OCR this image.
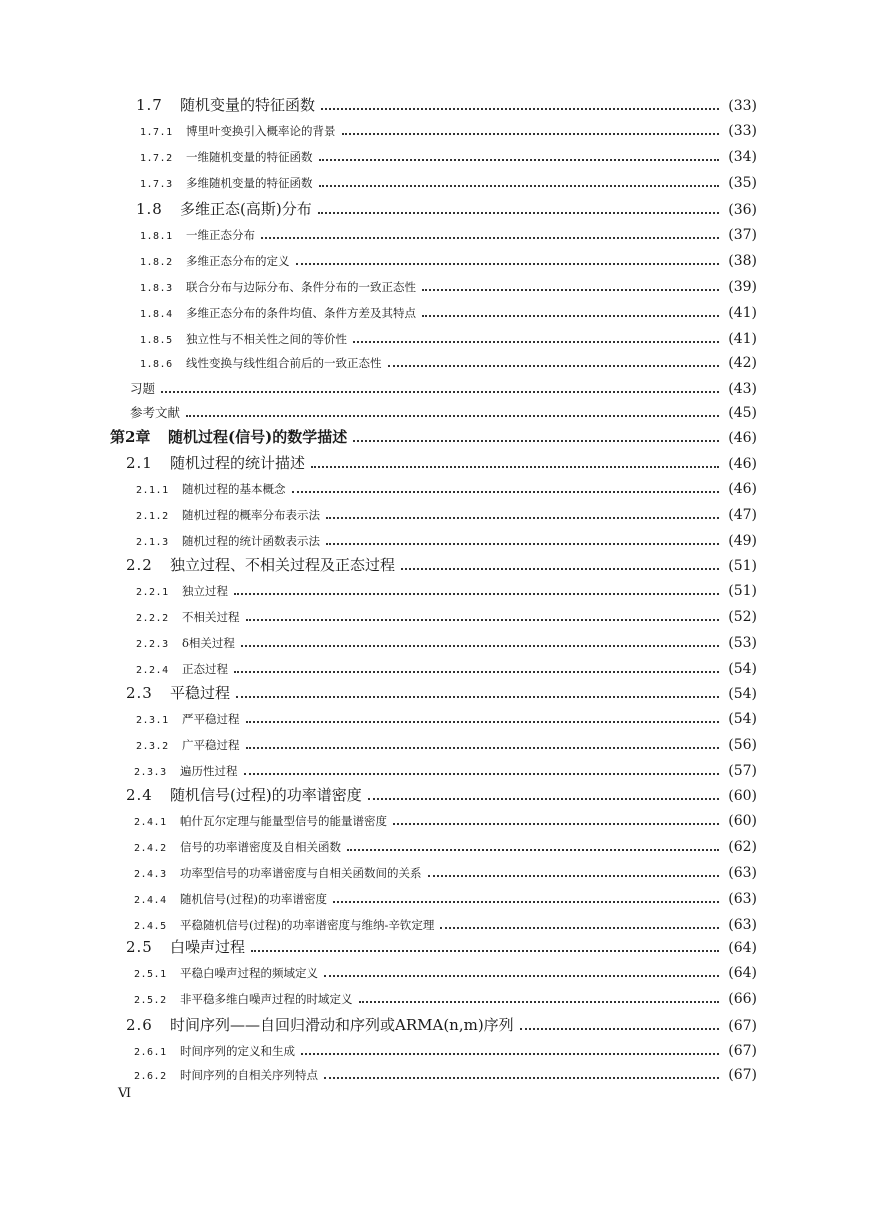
1.7	随机变量的特征函数	(33)
1.7.1	博里叶变换引入概率论的背景	(33)
1.7.2	一维随机变量的特征函数	(34)
1.7.3	多维随机变量的特征函数	(35)
1.8	多维正态(高斯)分布	(36)
1.8.1	一维正态分布	(37)
1.8.2	多维正态分布的定义	(38)
1.8.3	联合分布与边际分布、条件分布的一致正态性	(39)
1.8.4	多维正态分布的条件均值、条件方差及其特点	(41)
1.8.5	独立性与不相关性之间的等价性	(41)
1.8.6	线性变换与线性组合前后的一致正态性	(42)
习题	(43)
参考文献	(45)
第2章	随机过程(信号)的数学描述	(46)
2.1	随机过程的统计描述	(46)
2.1.1	随机过程的基本概念	(46)
2.1.2	随机过程的概率分布表示法	(47)
2.1.3	随机过程的统计函数表示法	(49)
2.2	独立过程、不相关过程及正态过程	(51)
2.2.1	独立过程	(51)
2.2.2	不相关过程	(52)
2.2.3	δ相关过程	(53)
2.2.4	正态过程	(54)
2.3	平稳过程	(54)
2.3.1	严平稳过程	(54)
2.3.2	广平稳过程	(56)
2.3.3	遍历性过程	(57)
2.4	随机信号(过程)的功率谱密度	(60)
2.4.1	帕什瓦尔定理与能量型信号的能量谱密度	(60)
2.4.2	信号的功率谱密度及自相关函数	(62)
2.4.3	功率型信号的功率谱密度与自相关函数间的关系	(63)
2.4.4	随机信号(过程)的功率谱密度	(63)
2.4.5	平稳随机信号(过程)的功率谱密度与维纳-辛钦定理	(63)
2.5	白噪声过程	(64)
2.5.1	平稳白噪声过程的频域定义	(64)
2.5.2	非平稳多维白噪声过程的时域定义	(66)
2.6	时间序列——自回归滑动和序列或ARMA(n,m)序列	(67)
2.6.1	时间序列的定义和生成	(67)
2.6.2	时间序列的自相关序列特点	(67)
Ⅵ
